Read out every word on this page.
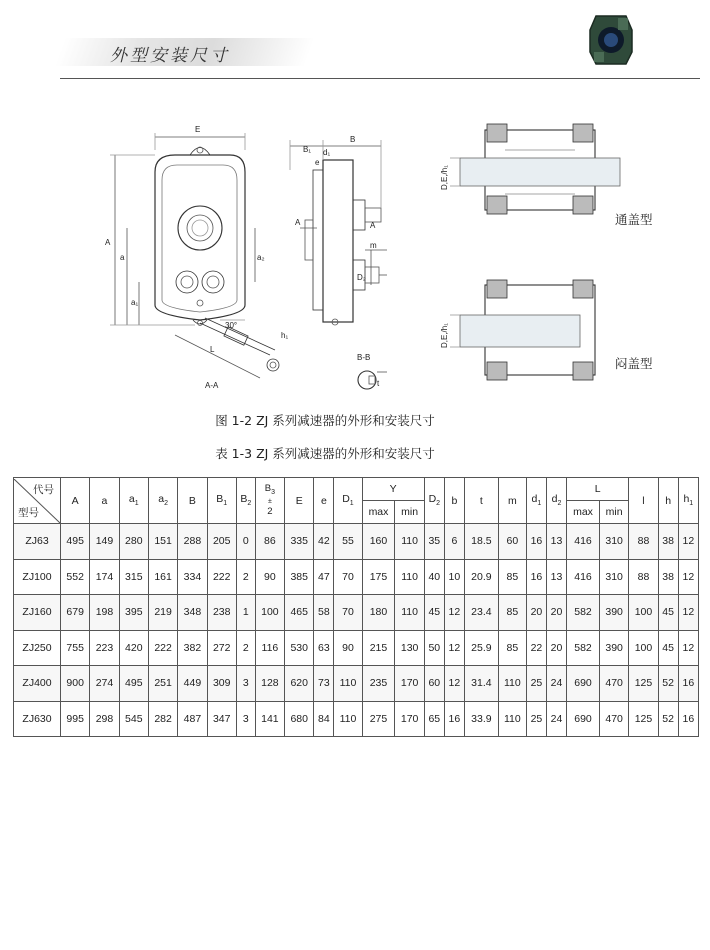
外型安装尺寸
E
A
a
a₁
a₂
B
B₁
e
d₁
A	A
m
D₂
30°
h₁
L
A-A
B-B
t
D,E,/h₁
D,E,/h₁
通盖型
闷盖型
图 1-2 ZJ 系列减速器的外形和安装尺寸
表 1-3 ZJ 系列减速器的外形和安装尺寸
代号
型号	A	a	$a_1$	$a_2$	B	$B_1$	$B_2$	$B_3$
±
2	E	e	$D_1$	Y		$D_2$	b	t	m	$d_1$	$d_2$	L		l	h	$h_1$
												max	min							max	min			
ZJ63	495	149	280	151	288	205	0	86	335	42	55	160	110	35	6	18.5	60	16	13	416	310	88	38	12
ZJ100	552	174	315	161	334	222	2	90	385	47	70	175	110	40	10	20.9	85	16	13	416	310	88	38	12
ZJ160	679	198	395	219	348	238	1	100	465	58	70	180	110	45	12	23.4	85	20	20	582	390	100	45	12
ZJ250	755	223	420	222	382	272	2	116	530	63	90	215	130	50	12	25.9	85	22	20	582	390	100	45	12
ZJ400	900	274	495	251	449	309	3	128	620	73	110	235	170	60	12	31.4	110	25	24	690	470	125	52	16
ZJ630	995	298	545	282	487	347	3	141	680	84	110	275	170	65	16	33.9	110	25	24	690	470	125	52	16
